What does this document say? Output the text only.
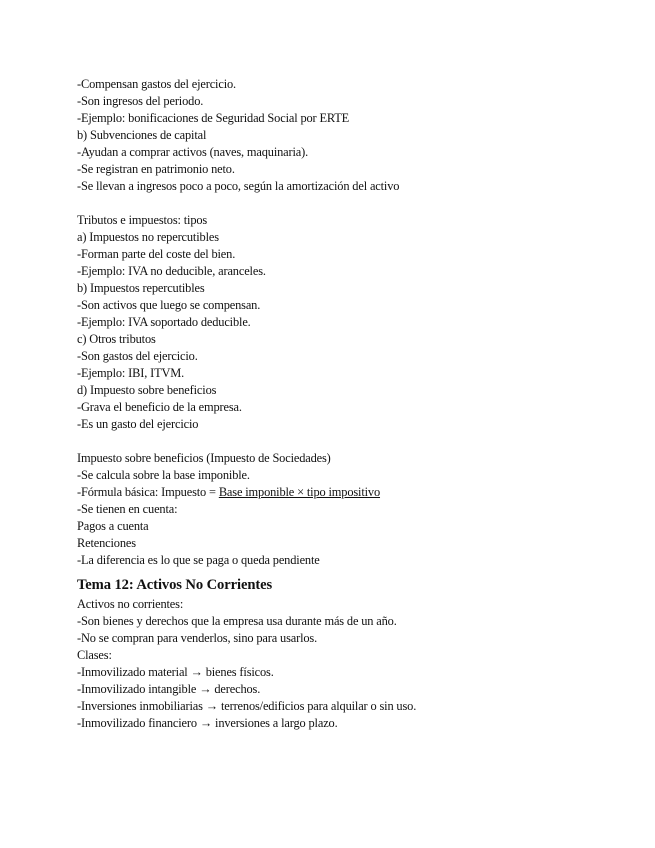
-Compensan gastos del ejercicio.
-Son ingresos del periodo.
-Ejemplo: bonificaciones de Seguridad Social por ERTE
b) Subvenciones de capital
-Ayudan a comprar activos (naves, maquinaria).
-Se registran en patrimonio neto.
-Se llevan a ingresos poco a poco, según la amortización del activo
Tributos e impuestos: tipos
a) Impuestos no repercutibles
-Forman parte del coste del bien.
-Ejemplo: IVA no deducible, aranceles.
b) Impuestos repercutibles
-Son activos que luego se compensan.
-Ejemplo: IVA soportado deducible.
c) Otros tributos
-Son gastos del ejercicio.
-Ejemplo: IBI, ITVM.
d) Impuesto sobre beneficios
-Grava el beneficio de la empresa.
-Es un gasto del ejercicio
Impuesto sobre beneficios (Impuesto de Sociedades)
-Se calcula sobre la base imponible.
-Fórmula básica: Impuesto = Base imponible × tipo impositivo
-Se tienen en cuenta:
Pagos a cuenta
Retenciones
-La diferencia es lo que se paga o queda pendiente
Tema 12: Activos No Corrientes
Activos no corrientes:
-Son bienes y derechos que la empresa usa durante más de un año.
-No se compran para venderlos, sino para usarlos.
Clases:
-Inmovilizado material → bienes físicos.
-Inmovilizado intangible → derechos.
-Inversiones inmobiliarias → terrenos/edificios para alquilar o sin uso.
-Inmovilizado financiero → inversiones a largo plazo.
